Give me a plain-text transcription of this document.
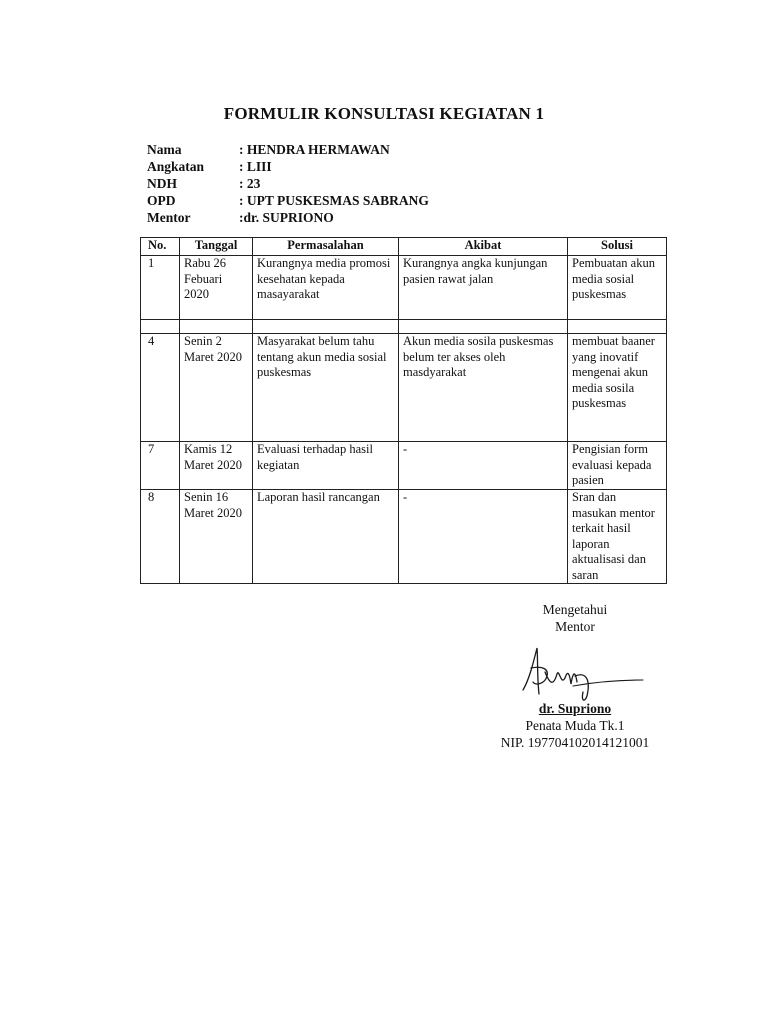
FORMULIR KONSULTASI KEGIATAN 1
Nama	: HENDRA HERMAWAN
Angkatan	: LIII
NDH	: 23
OPD	: UPT PUSKESMAS SABRANG
Mentor	:dr. SUPRIONO
No.	Tanggal	Permasalahan	Akibat	Solusi
1	Rabu 26 Febuari 2020	Kurangnya media promosi kesehatan kepada masayarakat	Kurangnya angka kunjungan pasien rawat jalan	Pembuatan akun media sosial puskesmas

4	Senin 2 Maret 2020	Masyarakat belum tahu tentang akun media sosial puskesmas	Akun media sosila puskesmas belum ter akses oleh masdyarakat	membuat baaner yang inovatif mengenai akun media sosila puskesmas
7	Kamis 12 Maret 2020	Evaluasi terhadap hasil kegiatan	-	Pengisian form evaluasi kepada pasien
8	Senin 16 Maret 2020	Laporan hasil rancangan	-	Sran dan masukan mentor terkait hasil laporan aktualisasi dan saran
Mengetahui
Mentor
dr. Supriono
Penata Muda Tk.1
NIP. 197704102014121001
